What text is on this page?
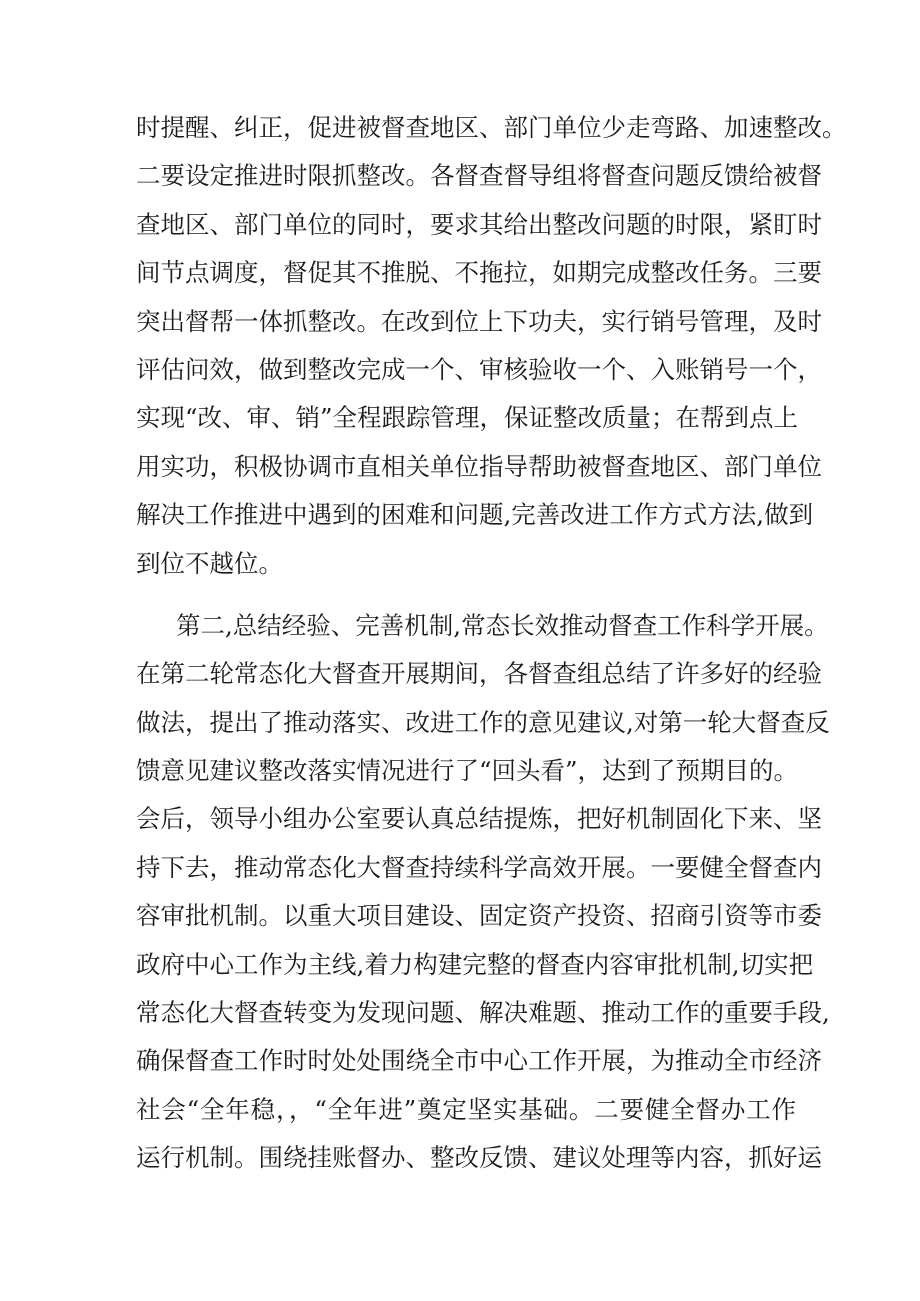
时提醒、纠正，促进被督查地区、部门单位少走弯路、加速整改。
二要设定推进时限抓整改。各督查督导组将督查问题反馈给被督
查地区、部门单位的同时，要求其给出整改问题的时限，紧盯时
间节点调度，督促其不推脱、不拖拉，如期完成整改任务。三要
突出督帮一体抓整改。在改到位上下功夫，实行销号管理，及时
评估问效，做到整改完成一个、审核验收一个、入账销号一个，
实现“改、审、销”全程跟踪管理，保证整改质量；在帮到点上
用实功，积极协调市直相关单位指导帮助被督查地区、部门单位
解决工作推进中遇到的困难和问题,完善改进工作方式方法,做到
到位不越位。
第二,总结经验、完善机制,常态长效推动督查工作科学开展。
在第二轮常态化大督查开展期间，各督查组总结了许多好的经验
做法，提出了推动落实、改进工作的意见建议,对第一轮大督查反
馈意见建议整改落实情况进行了“回头看”，达到了预期目的。
会后，领导小组办公室要认真总结提炼，把好机制固化下来、坚
持下去，推动常态化大督查持续科学高效开展。一要健全督查内
容审批机制。以重大项目建设、固定资产投资、招商引资等市委
政府中心工作为主线,着力构建完整的督查内容审批机制,切实把
常态化大督查转变为发现问题、解决难题、推动工作的重要手段,
确保督查工作时时处处围绕全市中心工作开展，为推动全市经济
社会“全年稳，，“全年进”奠定坚实基础。二要健全督办工作
运行机制。围绕挂账督办、整改反馈、建议处理等内容，抓好运
